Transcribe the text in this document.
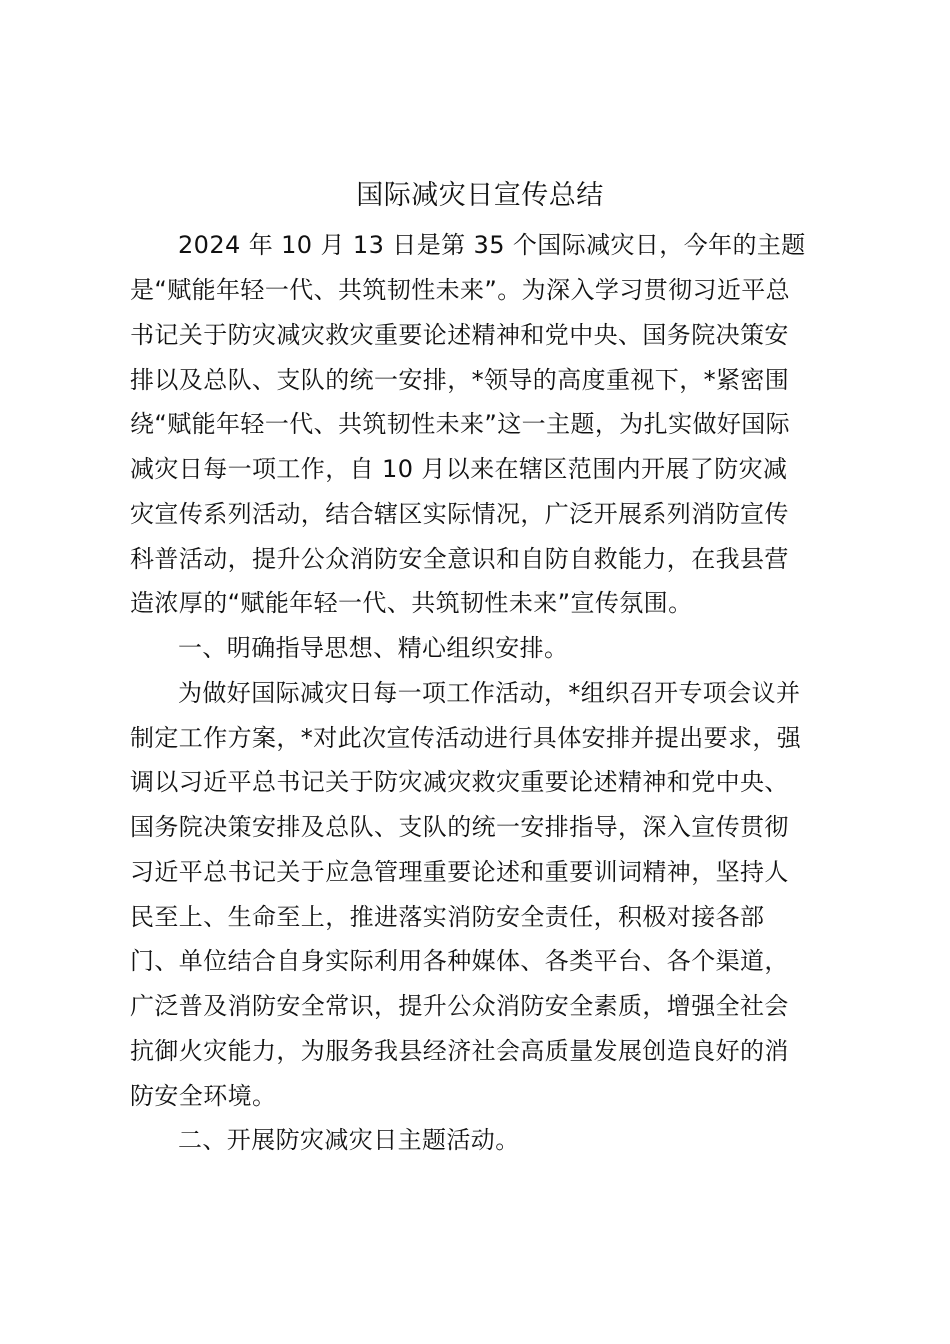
国际减灾日宣传总结
2024 年 10 月 13 日是第 35 个国际减灾日，今年的主题
是“赋能年轻一代、共筑韧性未来”。为深入学习贯彻习近平总
书记关于防灾减灾救灾重要论述精神和党中央、国务院决策安
排以及总队、支队的统一安排，*领导的高度重视下，*紧密围
绕“赋能年轻一代、共筑韧性未来”这一主题，为扎实做好国际
减灾日每一项工作，自 10 月以来在辖区范围内开展了防灾减
灾宣传系列活动，结合辖区实际情况，广泛开展系列消防宣传
科普活动，提升公众消防安全意识和自防自救能力，在我县营
造浓厚的“赋能年轻一代、共筑韧性未来”宣传氛围。
一、明确指导思想、精心组织安排。
为做好国际减灾日每一项工作活动，*组织召开专项会议并
制定工作方案，*对此次宣传活动进行具体安排并提出要求，强
调以习近平总书记关于防灾减灾救灾重要论述精神和党中央、
国务院决策安排及总队、支队的统一安排指导，深入宣传贯彻
习近平总书记关于应急管理重要论述和重要训词精神，坚持人
民至上、生命至上，推进落实消防安全责任，积极对接各部
门、单位结合自身实际利用各种媒体、各类平台、各个渠道，
广泛普及消防安全常识，提升公众消防安全素质，增强全社会
抗御火灾能力，为服务我县经济社会高质量发展创造良好的消
防安全环境。
二、开展防灾减灾日主题活动。
